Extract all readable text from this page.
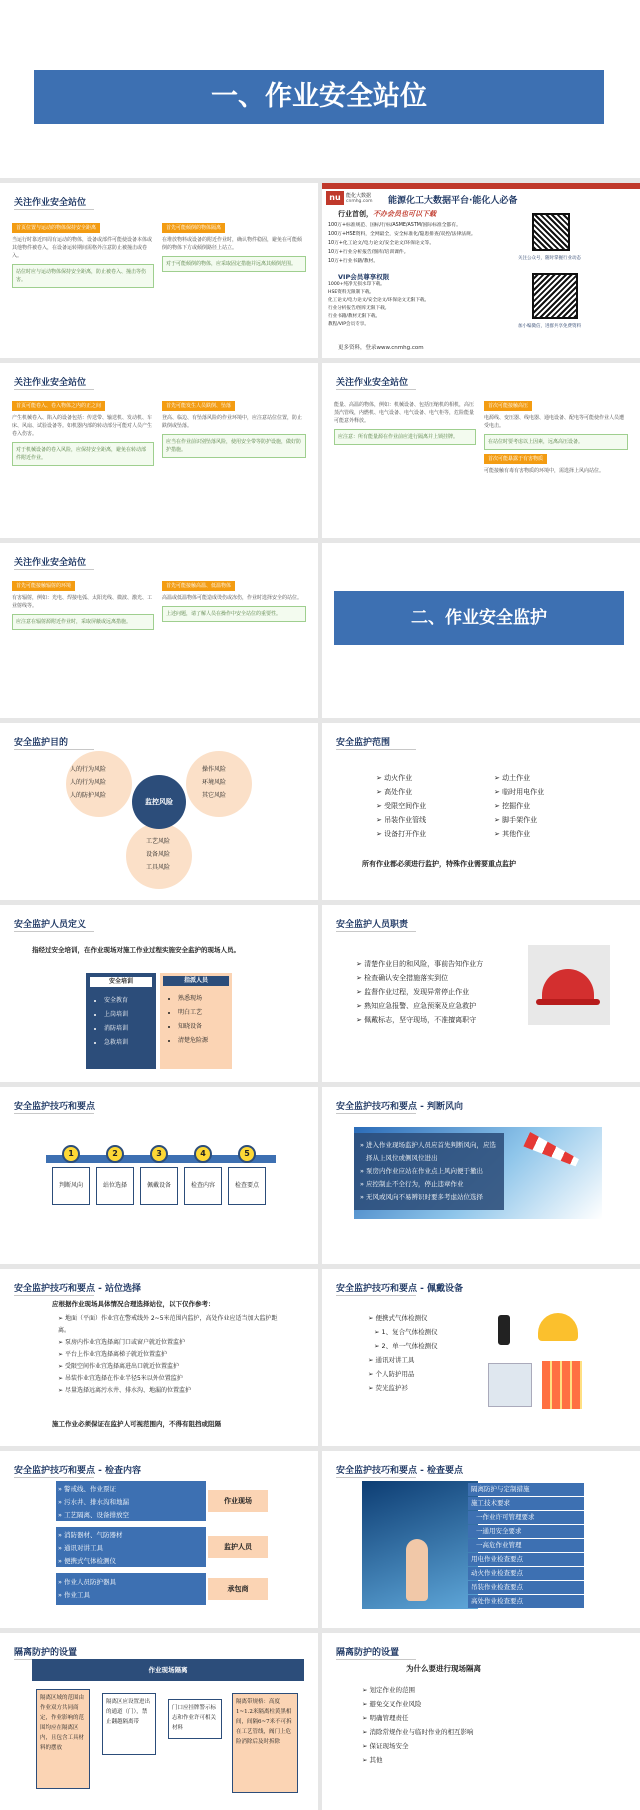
一、作业安全站位
关注作业安全站位
首页位置与运动的物体保持安全距离
当运行时靠近四周有运动的物体，设备或部件可能使设备本体或其他物件被卷入，在设备运转期间需格外注意防止被撞击或卷入。
站位时应与运动物体保持安全距离，防止被卷入、撞击等伤害。
首先可能倾倒的物体隔离
在堆放物料或设备的附近作业时，确认物件稳固，避免在可能倾倒的物体下方或倾倒路径上站立。
对于可能倾倒的物体，应采取固定措施并远离其倾倒范围。
nu	能化大数据
cnmhg.com 能源化工大数据平台·能化人必备
行业首创，不办会员也可以下载
100万+标准规范、国标/行标/ASME/ASTM/国际标准全都有。
100万+HSE资料，全网最全，安全标准化/隐患排查/双控/法律法规。
10万+化工论文/电力论文/安全论文/环保论文等。
10万+行业分析报告/图库/培训课件。
10万+行业书籍/教材。
VIP会员尊享权限
1000+纯净无损水印下载。
HSE资料无限制下载。
化工论文/电力论文/安全论文/环保论文无限下载。
行业分析报告/图库无限下载。
行业书籍/教材无限下载。
教程/VIP会员专享。
关注公众号，随时掌握行业动态
加小编微信，进群共享免费资料
更多资料，登录www.cnmhg.com
关注作业安全站位
首页可能卷入、卷入物体之内的正之间
产生机械卷入、陷入的设备包括：传送带、输送机、发动机、车床、风扇、试验设备等。如机器内部的转动部分可能对人员产生卷入伤害。
对于机械设备的卷入风险，应保持安全距离，避免在转动部件附近作业。
首先可能发生人员跌倒、坠落
登高、临边、有坠落风险的作业环境中，应注意站位位置，防止跌倒或坠落。
应当在作业前识别坠落风险，使用安全带等防护设施，做好防护措施。
关注作业安全站位
能量、高温的物体，例如：机械设备、包括压缩机的相机，高压蒸汽管线，内燃机、电气设备、电气设备、电气柜等，危险能量可能意外释放。
应注意：所有能量源在作业前应进行隔离并上锁挂牌。
首次可能接触高压
电源线、变压器、线电器、通电设备、配电等可能使作业人员遭受电击。
在站位时要考虑以上因素，远离高压设备。
首次可能暴露于有害物质
可能接触有毒有害物质的环境中，需选择上风向站位。
关注作业安全站位
首先可能接触辐射的环境
有害辐射，例如：光电、焊接电弧、太阳光线、微波、激光、工业射线等。
应注意在辐射源附近作业时，采取屏蔽或远离措施。
首先可能接触高温、低温物体
高温或低温物体可能造成烫伤或冻伤，作业时选择安全的站位。
上述问题，请了解人员在操作中安全站位的重要性。	二、作业安全监护
安全监护目的
人的行为风险
人的行为风险
人的防护风险
操作风险
环境风险
其它风险
工艺风险
设备风险
工具风险
监控风险
安全监护范围
➢ 动火作业
➢ 高处作业
➢ 受限空间作业
➢ 吊装作业管线
➢ 设备打开作业
➢ 动土作业
➢ 临时用电作业
➢ 挖掘作业
➢ 脚手架作业
➢ 其他作业
所有作业都必须进行监护，特殊作业需要重点监护
安全监护人员定义
指经过安全培训，在作业现场对施工作业过程实施安全监护的现场人员。
安全培训
• 安全教育
• 上岗培训
• 消防培训
• 急救培训
指派人员
• 熟悉现场
• 明白工艺
• 知晓设备
• 清楚危险源
安全监护人员职责
➢ 清楚作业目的和风险，事前告知作业方
➢ 检查确认安全措施落实到位
➢ 监督作业过程，发现异常停止作业
➢ 熟知应急报警、应急预案及应急救护
➢ 佩戴标志，坚守现场，不准擅离职守
安全监护技巧和要点
1
判断风向
2
站位选择
3
佩戴设备
4
检查内容
5
检查要点
安全监护技巧和要点 - 判断风向
» 进入作业现场监护人员应首先判断风向，应选择从上风位或侧风位进出
» 泵房内作业应站在作业点上风向便于撤出
» 应控制止不全行为，停止违章作业
» 无风或风向不易辨识时要多考虑站位选择
安全监护技巧和要点 - 站位选择
应根据作业现场具体情况合理选择站位，以下仅作参考：
➢ 地面（平面）作业宜在警戒线外 2~5米范围内监护，高处作业应适当加大监护距离。
➢ 泵房内作业宜选择离门口或窗户就近位置监护
➢ 平台上作业宜选择离梯子就近位置监护
➢ 受限空间作业宜选择离进出口就近位置监护
➢ 吊装作业宜选择在作业半径5米以外位置监护
➢ 尽量选择远离污水井、排水沟、地漏的位置监护
施工作业必须保证在监护人可视范围内，不得有阻挡或阻隔
安全监护技巧和要点 - 佩戴设备
➢ 便携式气体检测仪
➢ 1、复合气体检测仪
➢ 2、单一气体检测仪
➢ 通讯对讲工具
➢ 个人防护用品
➢ 荧光监护衫
安全监护技巧和要点 - 检查内容
» 警戒线、作业票证
» 污水井、排水沟和地漏
» 工艺隔离、设备排放空
作业现场
» 消防器材、气防器材
» 通讯对讲工具
» 便携式气体检测仪
监护人员
» 作业人员防护器具
» 作业工具
承包商
安全监护技巧和要点 - 检查要点
隔离防护与定制措施
施工技术要求
一作业许可管理要求
一通用安全要求
一高危作业管理
用电作业检查要点
动火作业检查要点
吊装作业检查要点
高处作业检查要点
隔离防护的设置
作业现场隔离
隔离区域的范围由作业双方共同商定，作业影响的范围均应在隔离区内，且包含工具材料的摆放
隔离区应设置进出的通道（门），禁止翻越隔离带
门口应挂牌警示标志和作业许可相关材料
隔离带规格：高度1~1.2米隔离柱黄黑相间，间隔6~7米不可拆在工艺管线，阀门上危险消除后及时拆除
隔离防护的设置
为什么要进行现场隔离
➢ 划定作业的范围
➢ 避免交叉作业风险
➢ 明确管理责任
➢ 消除常规作业与临时作业的相互影响
➢ 保证现场安全
➢ 其他
